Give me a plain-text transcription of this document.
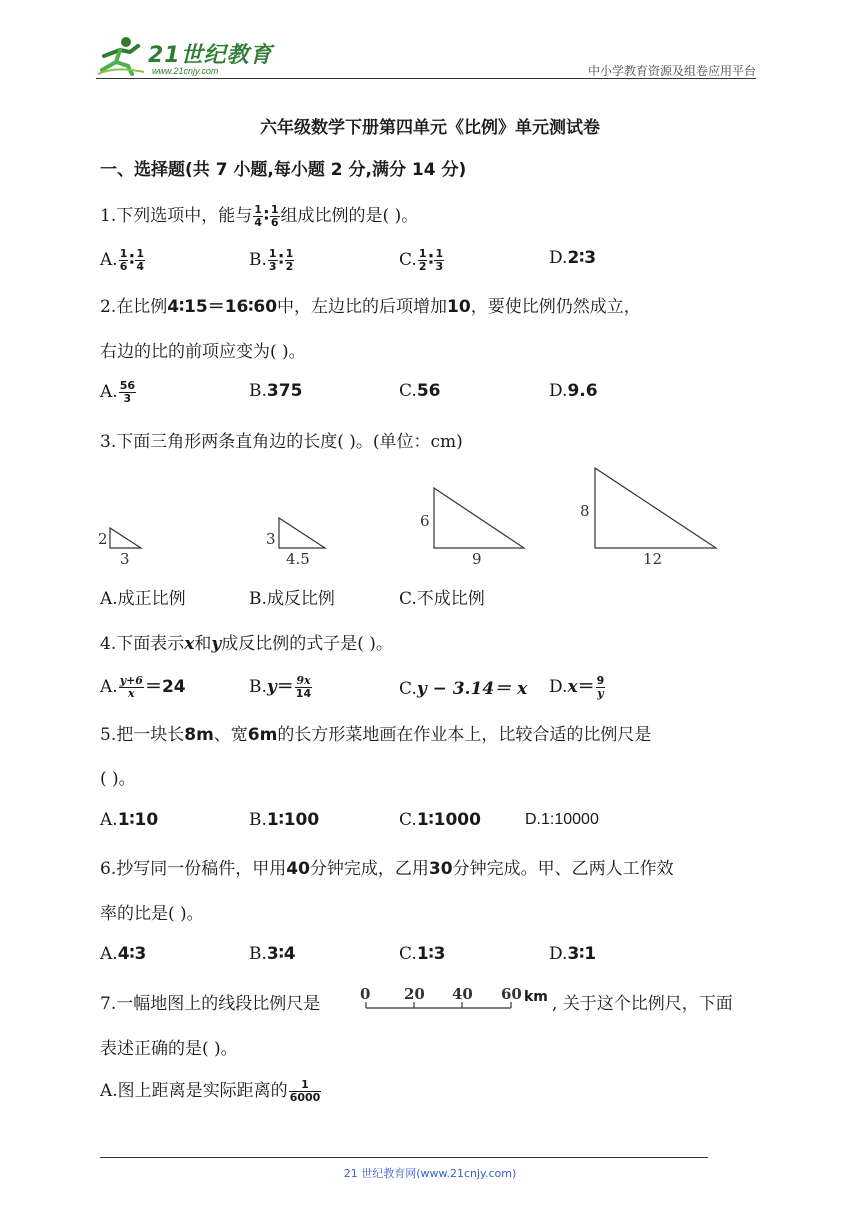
21世纪教育
www.21cnjy.com	中小学教育资源及组卷应用平台
六年级数学下册第四单元《比例》单元测试卷
一、选择题(共 7 小题,每小题 2 分,满分 14 分)
1.下列选项中，能与 $\frac{1}{4}$ ∶ $\frac{1}{6}$ 组成比例的是( )。
A. $\frac{1}{6}$ ∶ $\frac{1}{4}$	B. $\frac{1}{3}$ ∶ $\frac{1}{2}$	C. $\frac{1}{2}$ ∶ $\frac{1}{3}$	D.2∶3
2.在比例4∶15＝16∶60中，左边比的后项增加10，要使比例仍然成立，
右边的比的前项应变为( )。
A. $\frac{56}{3}$	B.375	C.56	D.9.6
3.下面三角形两条直角边的长度( )。(单位：cm)
2
3
3
4.5
6
9
8
12
A.成正比例	B.成反比例	C.不成比例
4.下面表示x和y成反比例的式子是( )。
A. $\frac{y+6}{x} =24$	$B.y= \frac{9x}{14}$	C.y − 3.14＝ x $D.x= \frac{9}{y}$
5.把一块长8m、宽6m的长方形菜地画在作业本上，比较合适的比例尺是
( )。
A.1∶10	B.1∶100	C.1∶1000	D.1:10000
6.抄写同一份稿件，甲用40分钟完成，乙用30分钟完成。甲、乙两人工作效
率的比是( )。
A.4∶3	B.3∶4	C.1∶3	D.3∶1
7.一幅地图上的线段比例尺是	0 20 40 60 km , 关于这个比例尺，下面
表述正确的是( )。
A.图上距离是实际距离的 $\frac{1}{6000}$
21 世纪教育网(www.21cnjy.com)
